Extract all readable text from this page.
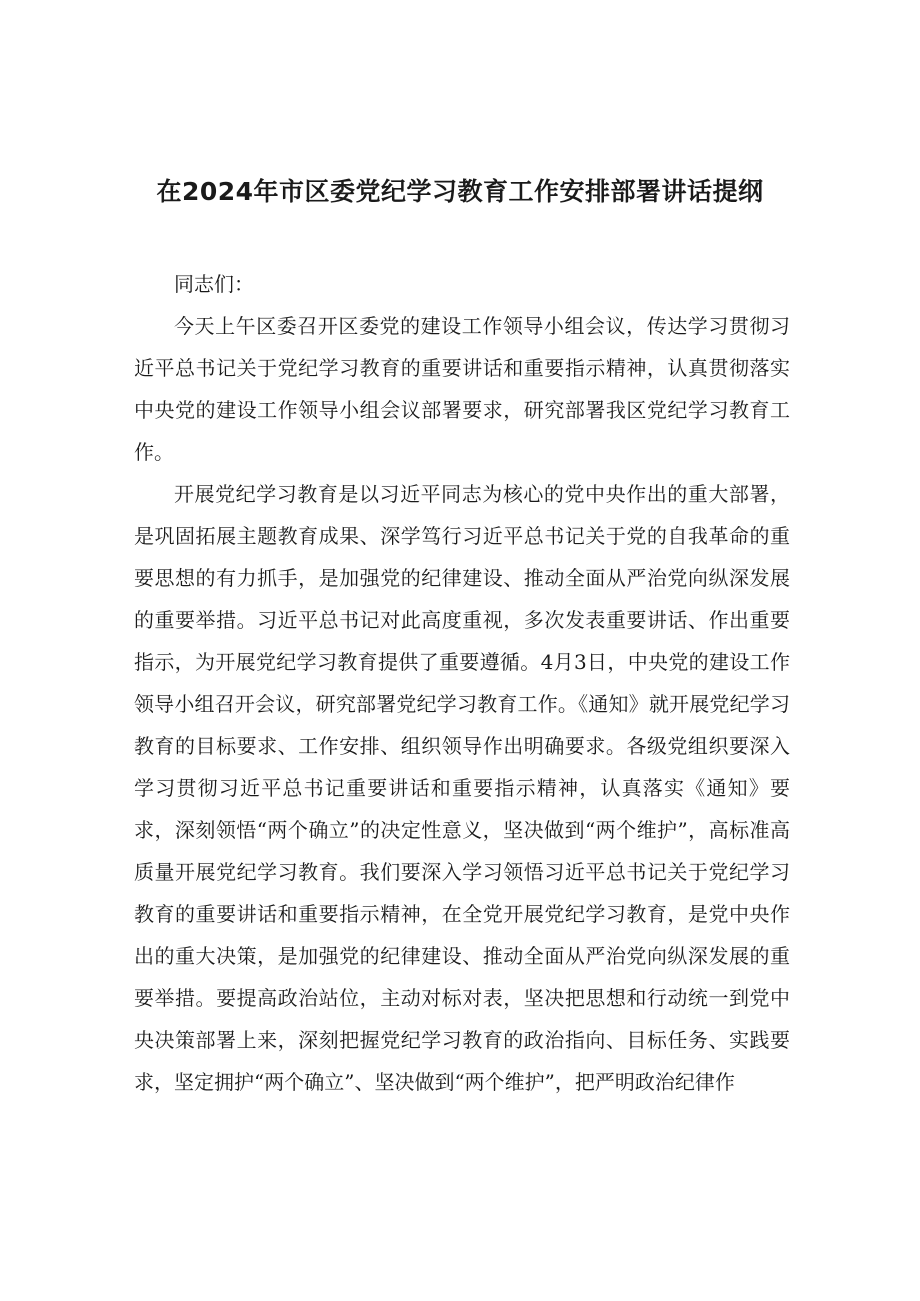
在2024年市区委党纪学习教育工作安排部署讲话提纲

同志们：

今天上午区委召开区委党的建设工作领导小组会议，传达学习贯彻习近平总书记关于党纪学习教育的重要讲话和重要指示精神，认真贯彻落实中央党的建设工作领导小组会议部署要求，研究部署我区党纪学习教育工作。

开展党纪学习教育是以习近平同志为核心的党中央作出的重大部署，是巩固拓展主题教育成果、深学笃行习近平总书记关于党的自我革命的重要思想的有力抓手，是加强党的纪律建设、推动全面从严治党向纵深发展的重要举措。习近平总书记对此高度重视，多次发表重要讲话、作出重要指示，为开展党纪学习教育提供了重要遵循。4月3日，中央党的建设工作领导小组召开会议，研究部署党纪学习教育工作。《通知》就开展党纪学习教育的目标要求、工作安排、组织领导作出明确要求。各级党组织要深入学习贯彻习近平总书记重要讲话和重要指示精神，认真落实《通知》要求，深刻领悟“两个确立”的决定性意义，坚决做到“两个维护”，高标准高质量开展党纪学习教育。我们要深入学习领悟习近平总书记关于党纪学习教育的重要讲话和重要指示精神，在全党开展党纪学习教育，是党中央作出的重大决策，是加强党的纪律建设、推动全面从严治党向纵深发展的重要举措。要提高政治站位，主动对标对表，坚决把思想和行动统一到党中央决策部署上来，深刻把握党纪学习教育的政治指向、目标任务、实践要求，坚定拥护“两个确立”、坚决做到“两个维护”，把严明政治纪律作
